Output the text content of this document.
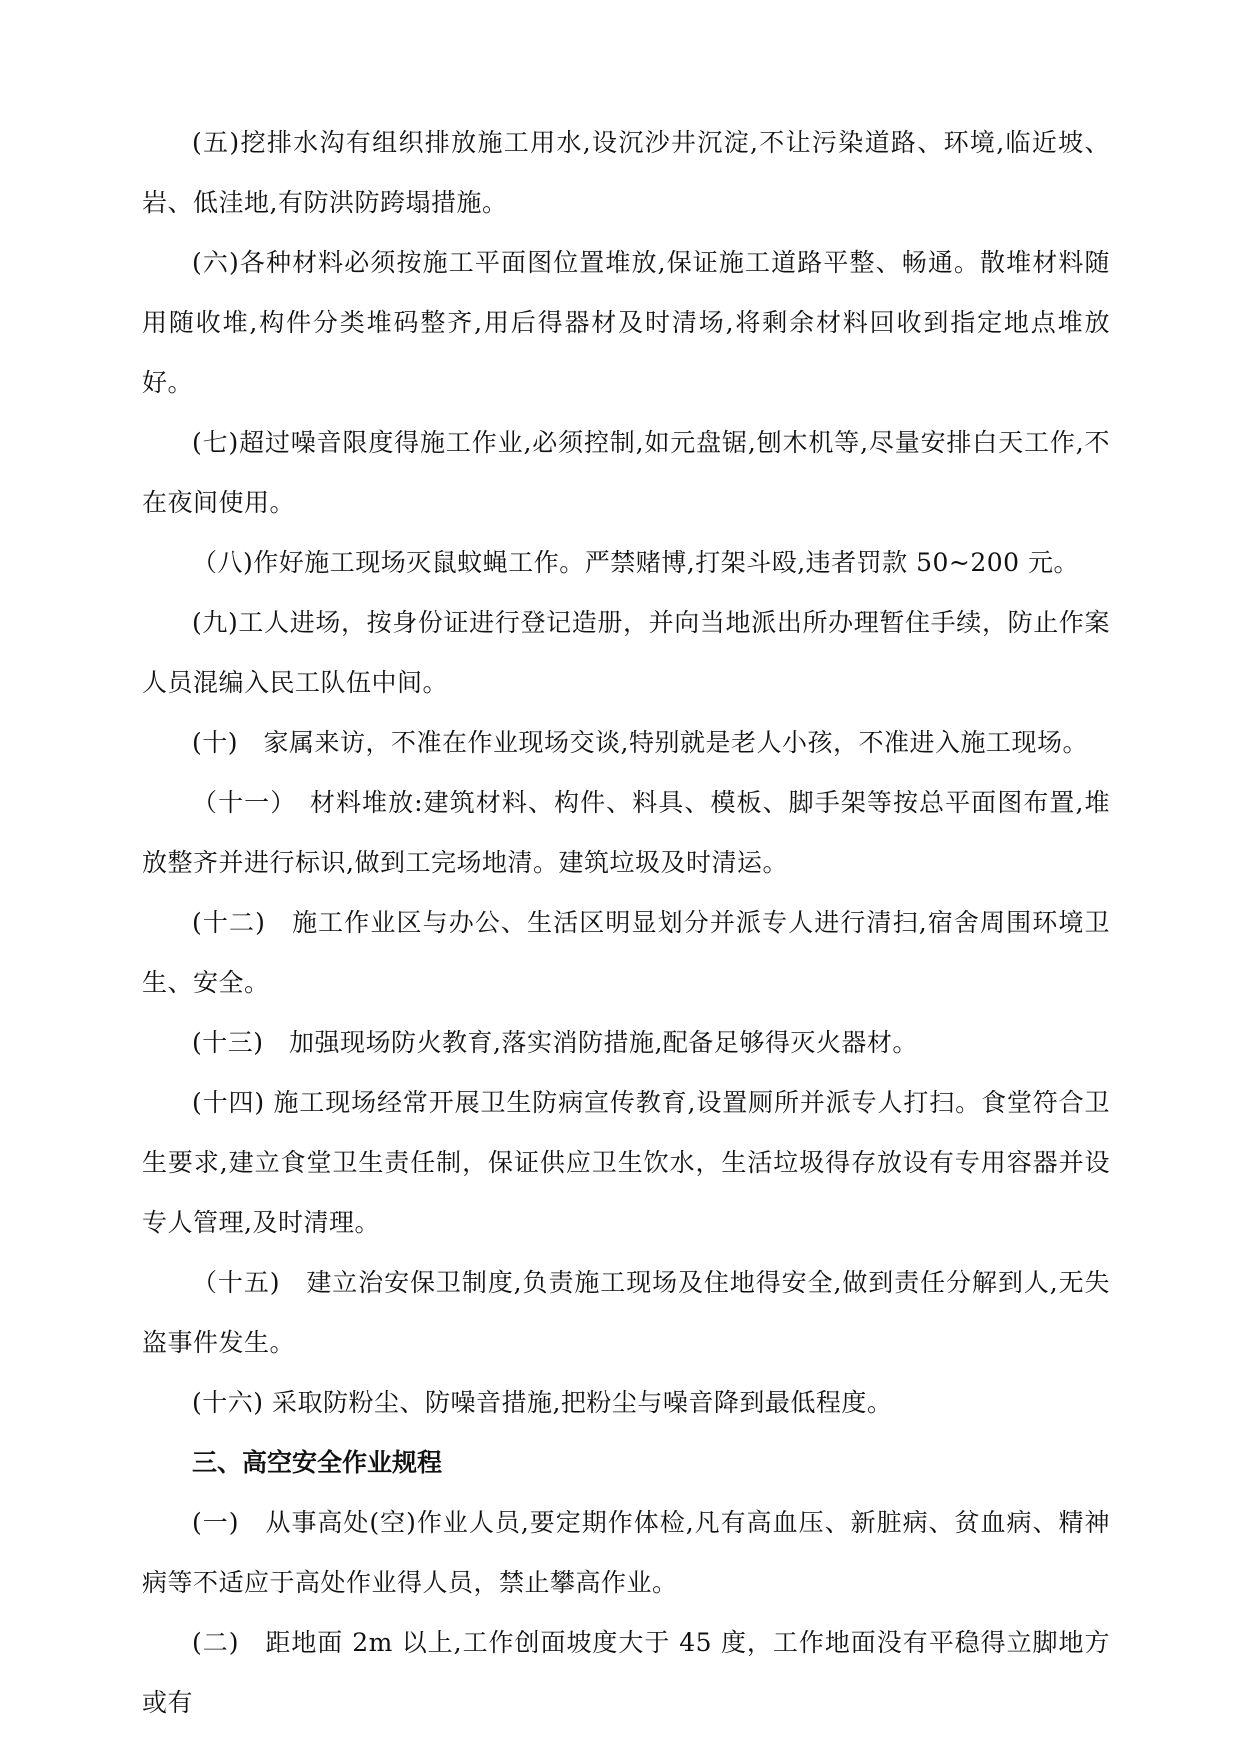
(五)挖排水沟有组织排放施工用水,设沉沙井沉淀,不让污染道路、环境,临近坡、岩、低洼地,有防洪防跨塌措施。

(六)各种材料必须按施工平面图位置堆放,保证施工道路平整、畅通。散堆材料随用随收堆,构件分类堆码整齐,用后得器材及时清场,将剩余材料回收到指定地点堆放好。

(七)超过噪音限度得施工作业,必须控制,如元盘锯,刨木机等,尽量安排白天工作,不在夜间使用。

（八)作好施工现场灭鼠蚊蝇工作。严禁赌博,打架斗殴,违者罚款 50~200 元。

(九)工人进场，按身份证进行登记造册，并向当地派出所办理暂住手续，防止作案人员混编入民工队伍中间。

(十)　家属来访，不准在作业现场交谈,特别就是老人小孩，不准进入施工现场。

（十一）　材料堆放:建筑材料、构件、料具、模板、脚手架等按总平面图布置,堆放整齐并进行标识,做到工完场地清。建筑垃圾及时清运。

(十二)　施工作业区与办公、生活区明显划分并派专人进行清扫,宿舍周围环境卫生、安全。

(十三)　加强现场防火教育,落实消防措施,配备足够得灭火器材。

(十四) 施工现场经常开展卫生防病宣传教育,设置厕所并派专人打扫。食堂符合卫生要求,建立食堂卫生责任制，保证供应卫生饮水，生活垃圾得存放设有专用容器并设专人管理,及时清理。

（十五)　建立治安保卫制度,负责施工现场及住地得安全,做到责任分解到人,无失盗事件发生。

(十六) 采取防粉尘、防噪音措施,把粉尘与噪音降到最低程度。

三、高空安全作业规程

(一)　从事高处(空)作业人员,要定期作体检,凡有高血压、新脏病、贫血病、精神病等不适应于高处作业得人员，禁止攀高作业。

(二)　距地面 2m 以上,工作创面坡度大于 45 度，工作地面没有平稳得立脚地方或有
